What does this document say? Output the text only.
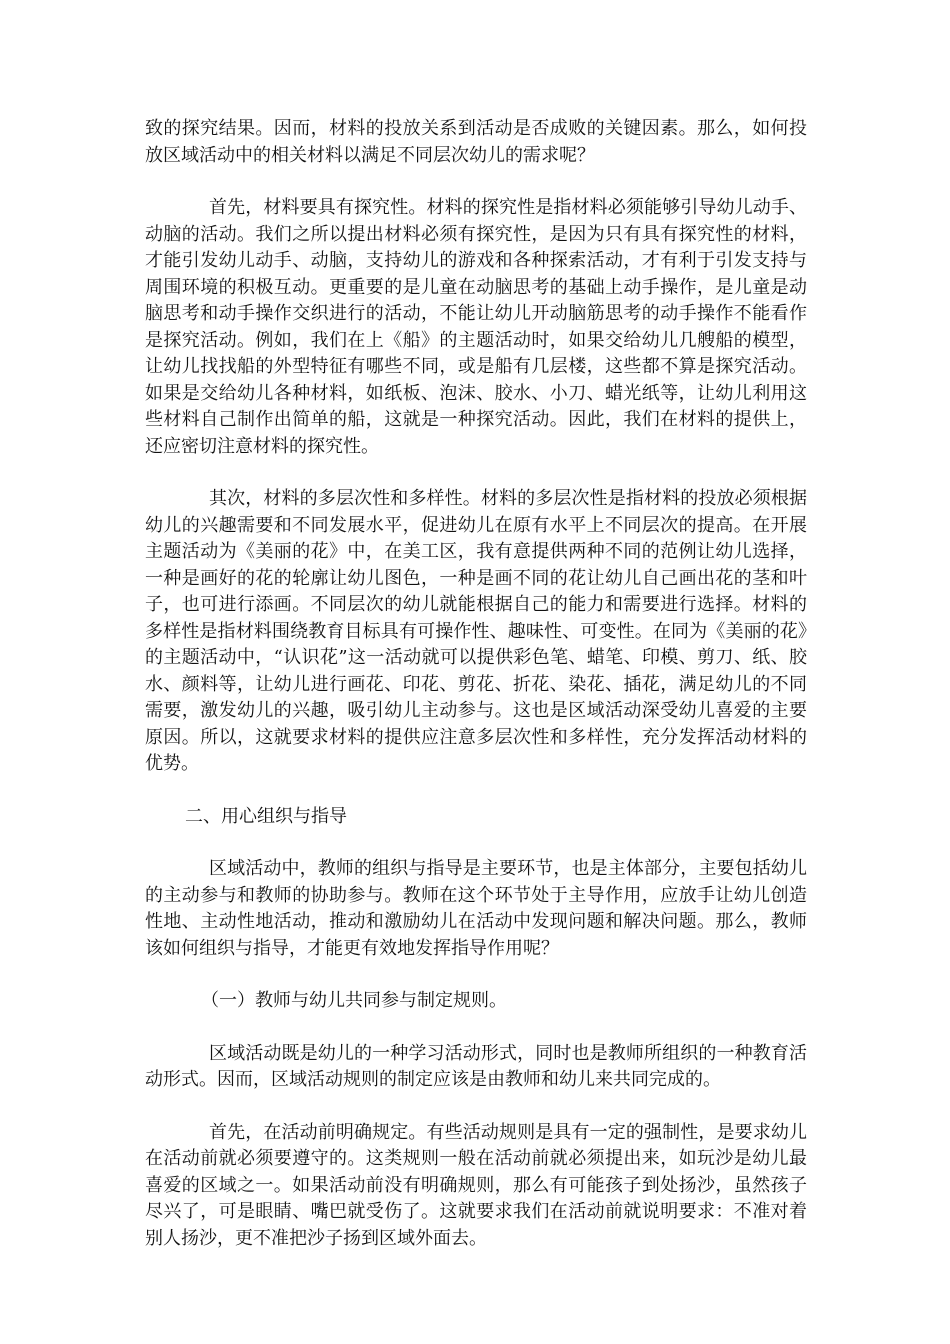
致的探究结果。因而，材料的投放关系到活动是否成败的关键因素。那么，如何投放区域活动中的相关材料以满足不同层次幼儿的需求呢？

首先，材料要具有探究性。材料的探究性是指材料必须能够引导幼儿动手、动脑的活动。我们之所以提出材料必须有探究性，是因为只有具有探究性的材料，才能引发幼儿动手、动脑，支持幼儿的游戏和各种探索活动，才有利于引发支持与周围环境的积极互动。更重要的是儿童在动脑思考的基础上动手操作，是儿童是动脑思考和动手操作交织进行的活动，不能让幼儿开动脑筋思考的动手操作不能看作是探究活动。例如，我们在上《船》的主题活动时，如果交给幼儿几艘船的模型，让幼儿找找船的外型特征有哪些不同，或是船有几层楼，这些都不算是探究活动。如果是交给幼儿各种材料，如纸板、泡沫、胶水、小刀、蜡光纸等，让幼儿利用这些材料自己制作出简单的船，这就是一种探究活动。因此，我们在材料的提供上，还应密切注意材料的探究性。

其次，材料的多层次性和多样性。材料的多层次性是指材料的投放必须根据幼儿的兴趣需要和不同发展水平，促进幼儿在原有水平上不同层次的提高。在开展主题活动为《美丽的花》中，在美工区，我有意提供两种不同的范例让幼儿选择，一种是画好的花的轮廓让幼儿图色，一种是画不同的花让幼儿自己画出花的茎和叶子，也可进行添画。不同层次的幼儿就能根据自己的能力和需要进行选择。材料的多样性是指材料围绕教育目标具有可操作性、趣味性、可变性。在同为《美丽的花》的主题活动中，“认识花”这一活动就可以提供彩色笔、蜡笔、印模、剪刀、纸、胶水、颜料等，让幼儿进行画花、印花、剪花、折花、染花、插花，满足幼儿的不同需要，激发幼儿的兴趣，吸引幼儿主动参与。这也是区域活动深受幼儿喜爱的主要原因。所以，这就要求材料的提供应注意多层次性和多样性，充分发挥活动材料的优势。

二、用心组织与指导

区域活动中，教师的组织与指导是主要环节，也是主体部分，主要包括幼儿的主动参与和教师的协助参与。教师在这个环节处于主导作用，应放手让幼儿创造性地、主动性地活动，推动和激励幼儿在活动中发现问题和解决问题。那么，教师该如何组织与指导，才能更有效地发挥指导作用呢？

（一）教师与幼儿共同参与制定规则。

区域活动既是幼儿的一种学习活动形式，同时也是教师所组织的一种教育活动形式。因而，区域活动规则的制定应该是由教师和幼儿来共同完成的。

首先，在活动前明确规定。有些活动规则是具有一定的强制性，是要求幼儿在活动前就必须要遵守的。这类规则一般在活动前就必须提出来，如玩沙是幼儿最喜爱的区域之一。如果活动前没有明确规则，那么有可能孩子到处扬沙，虽然孩子尽兴了，可是眼睛、嘴巴就受伤了。这就要求我们在活动前就说明要求：不准对着别人扬沙，更不准把沙子扬到区域外面去。
